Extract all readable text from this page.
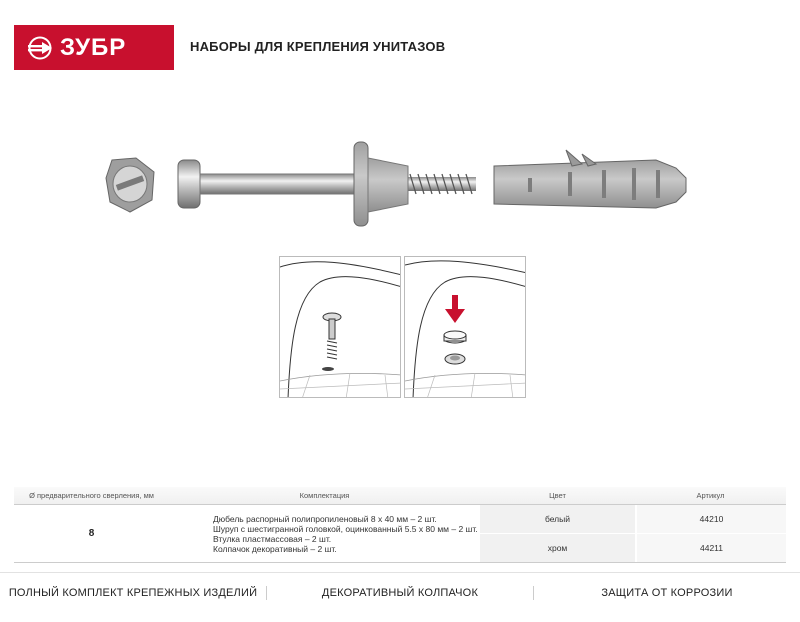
ЗУБР	НАБОРЫ ДЛЯ КРЕПЛЕНИЯ УНИТАЗОВ
Ø предварительного сверления, мм	Комплектация	Цвет	Артикул
8
Дюбель распорный полипропиленовый 8 х 40 мм – 2 шт.
Шуруп с шестигранной головкой, оцинкованный 5.5 х 80 мм – 2 шт.
Втулка пластмассовая – 2 шт.
Колпачок декоративный – 2 шт.
белый	44210
хром	44211
ПОЛНЫЙ КОМПЛЕКТ КРЕПЕЖНЫХ ИЗДЕЛИЙ	ДЕКОРАТИВНЫЙ КОЛПАЧОК	ЗАЩИТА ОТ КОРРОЗИИ
